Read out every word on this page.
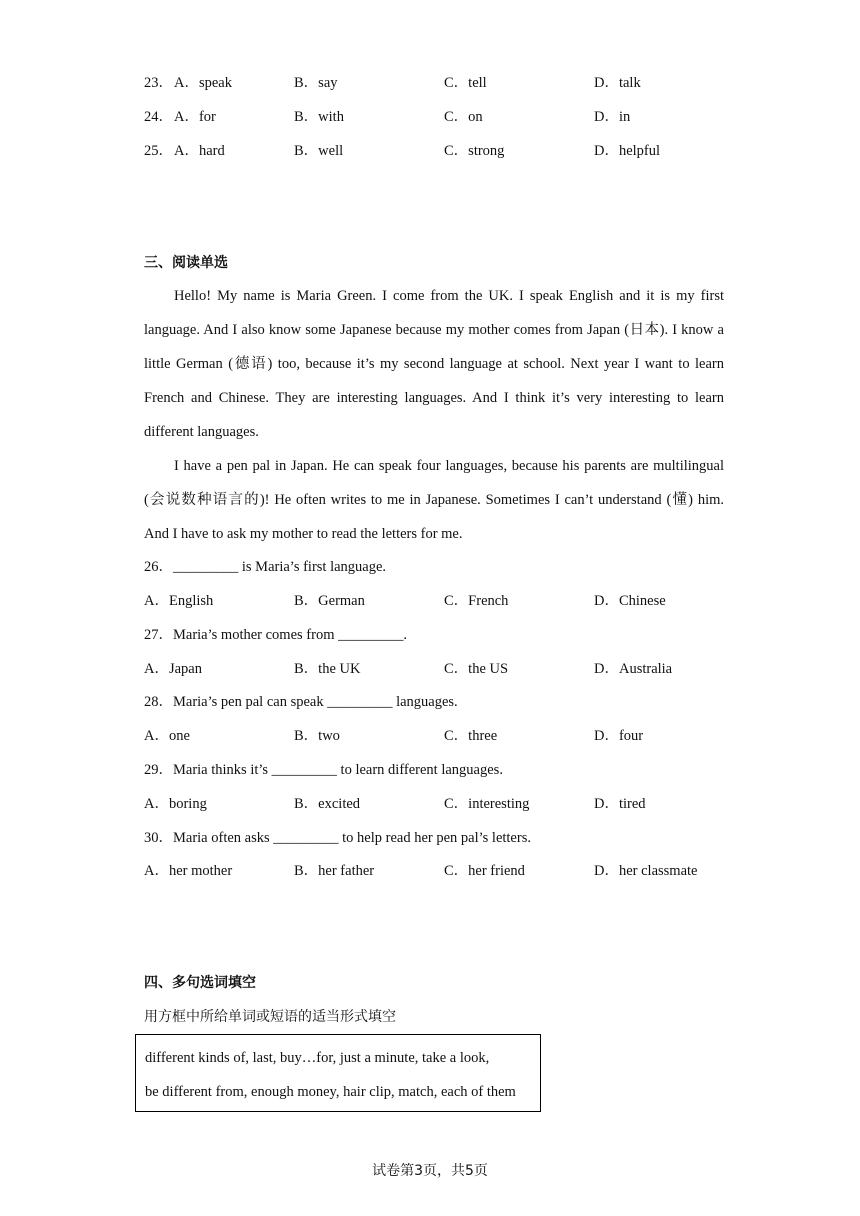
23． A．speak	B．say	C．tell	D．talk
24． A．for	B．with	C．on	D．in
25． A．hard	B．well	C．strong	D．helpful
三、阅读单选
Hello! My name is Maria Green. I come from the UK. I speak English and it is my first language. And I also know some Japanese because my mother comes from Japan (日本). I know a little German (德语) too, because it’s my second language at school. Next year I want to learn French and Chinese. They are interesting languages. And I think it’s very interesting to learn different languages.
I have a pen pal in Japan. He can speak four languages, because his parents are multilingual (会说数种语言的)! He often writes to me in Japanese. Sometimes I can’t understand (懂) him. And I have to ask my mother to read the letters for me.
26．_________ is Maria’s first language.
A．English	B．German	C．French	D．Chinese
27．Maria’s mother comes from _________.
A．Japan	B．the UK	C．the US	D．Australia
28．Maria’s pen pal can speak _________ languages.
A．one	B．two	C．three	D．four
29．Maria thinks it’s _________ to learn different languages.
A．boring	B．excited	C．interesting	D．tired
30．Maria often asks _________ to help read her pen pal’s letters.
A．her mother	B．her father	C．her friend	D．her classmate
四、多句选词填空
用方框中所给单词或短语的适当形式填空
different kinds of, last, buy…for, just a minute, take a look,
be different from, enough money, hair clip, match, each of them
试卷第3页，共5页
